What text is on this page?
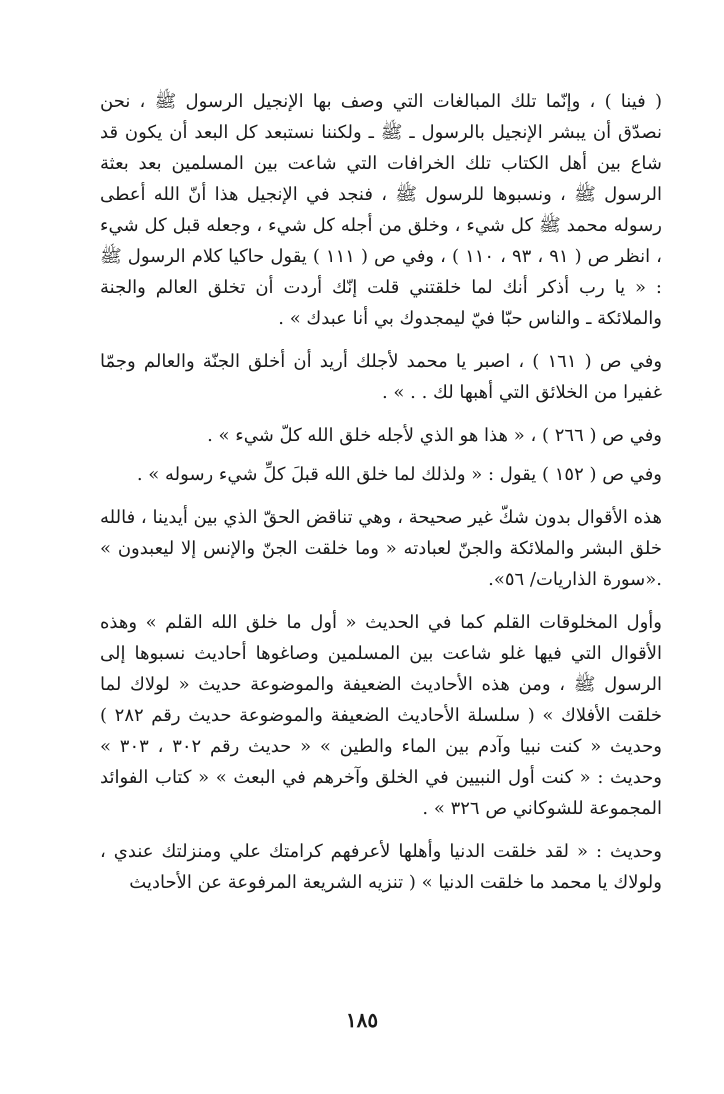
( فينا ) ، وإنّما تلك المبالغات التي وصف بها الإنجيل الرسول ﷺ ، نحن نصدّق أن يبشر الإنجيل بالرسول ـ ﷺ ـ ولكننا نستبعد كل البعد أن يكون قد شاع بين أهل الكتاب تلك الخرافات التي شاعت بين المسلمين بعد بعثة الرسول ﷺ ، ونسبوها للرسول ﷺ ، فنجد في الإنجيل هذا أنّ الله أعطى رسوله محمد ﷺ كل شيء ، وخلق من أجله كل شيء ، وجعله قبل كل شيء ، انظر ص ( ٩١ ، ٩٣ ، ١١٠ ) ، وفي ص ( ١١١ ) يقول حاكيا كلام الرسول ﷺ : « يا رب أذكر أنك لما خلقتني قلت إنّك أردت أن تخلق العالم والجنة والملائكة ـ والناس حبّا فيّ ليمجدوك بي أنا عبدك » .

وفي ص ( ١٦١ ) ، اصبر يا محمد لأجلك أريد أن أخلق الجنّة والعالم وجمّا غفيرا من الخلائق التي أهبها لك . . » .

وفي ص ( ٢٦٦ ) ، « هذا هو الذي لأجله خلق الله كلّ شيء » .

وفي ص ( ١٥٢ ) يقول : « ولذلك لما خلق الله قبلَ كلِّ شيء رسوله » .

هذه الأقوال بدون شكّ غير صحيحة ، وهي تناقض الحقّ الذي بين أيدينا ، فالله خلق البشر والملائكة والجنّ لعبادته « وما خلقت الجنّ والإنس إلا ليعبدون » .«سورة الذاريات/ ٥٦».

وأول المخلوقات القلم كما في الحديث « أول ما خلق الله القلم » وهذه الأقوال التي فيها غلو شاعت بين المسلمين وصاغوها أحاديث نسبوها إلى الرسول ﷺ ، ومن هذه الأحاديث الضعيفة والموضوعة حديث « لولاك لما خلقت الأفلاك » ( سلسلة الأحاديث الضعيفة والموضوعة حديث رقم ٢٨٢ ) وحديث « كنت نبيا وآدم بين الماء والطين » « حديث رقم ٣٠٢ ، ٣٠٣ » وحديث : « كنت أول النبيين في الخلق وآخرهم في البعث » « كتاب الفوائد المجموعة للشوكاني ص ٣٢٦ » .

وحديث : « لقد خلقت الدنيا وأهلها لأعرفهم كرامتك علي ومنزلتك عندي ، ولولاك يا محمد ما خلقت الدنيا » ( تنزيه الشريعة المرفوعة عن الأحاديث

١٨٥
